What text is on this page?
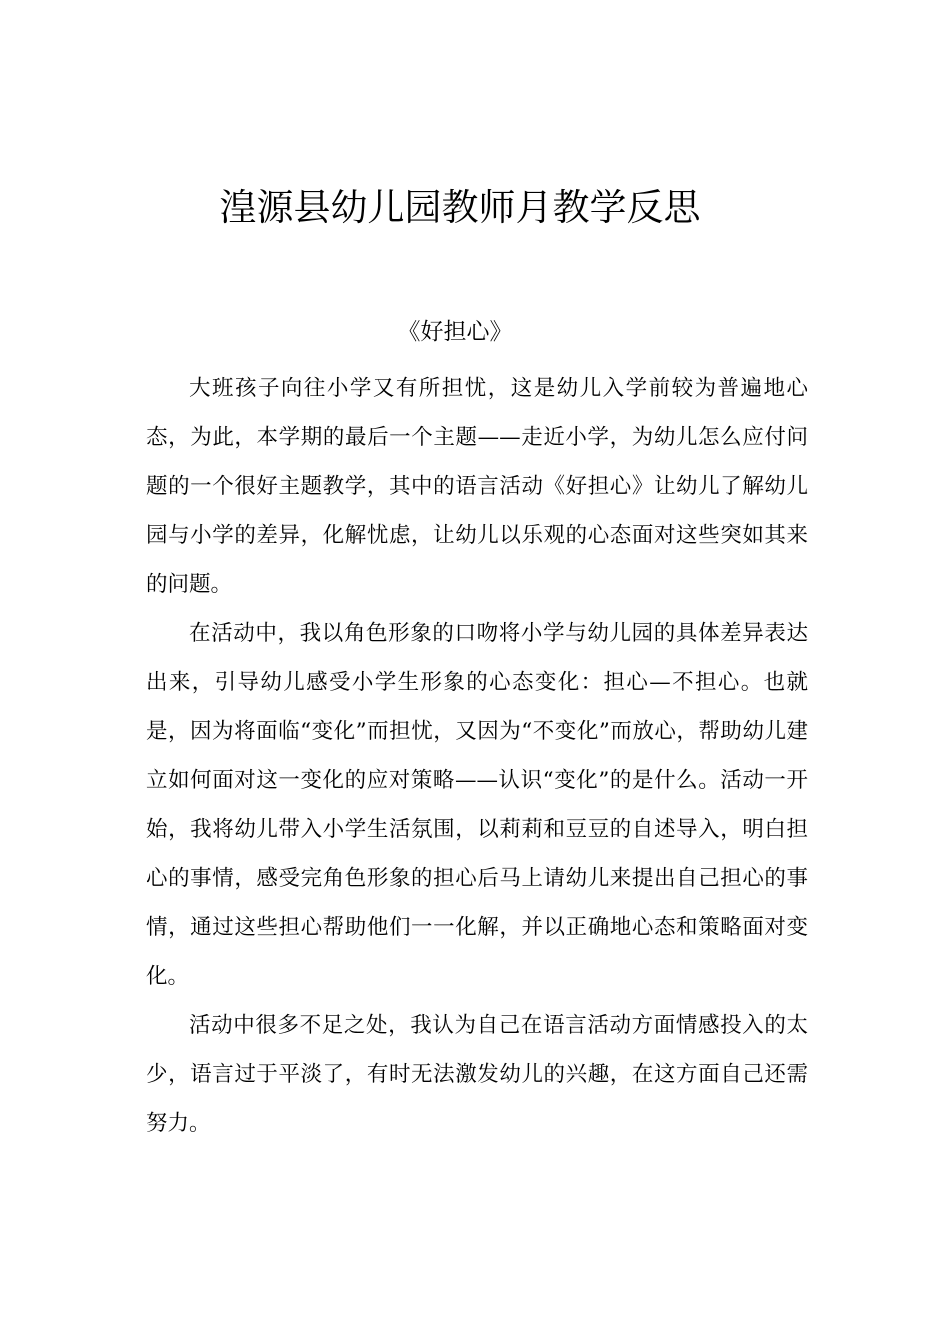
湟源县幼儿园教师月教学反思
《好担心》

大班孩子向往小学又有所担忧，这是幼儿入学前较为普遍地心态，为此，本学期的最后一个主题——走近小学，为幼儿怎么应付问题的一个很好主题教学，其中的语言活动《好担心》让幼儿了解幼儿园与小学的差异，化解忧虑，让幼儿以乐观的心态面对这些突如其来的问题。

在活动中，我以角色形象的口吻将小学与幼儿园的具体差异表达出来，引导幼儿感受小学生形象的心态变化：担心—不担心。也就是，因为将面临“变化”而担忧，又因为“不变化”而放心，帮助幼儿建立如何面对这一变化的应对策略——认识“变化”的是什么。活动一开始，我将幼儿带入小学生活氛围，以莉莉和豆豆的自述导入，明白担心的事情，感受完角色形象的担心后马上请幼儿来提出自己担心的事情，通过这些担心帮助他们一一化解，并以正确地心态和策略面对变化。

活动中很多不足之处，我认为自己在语言活动方面情感投入的太少，语言过于平淡了，有时无法激发幼儿的兴趣，在这方面自己还需努力。
